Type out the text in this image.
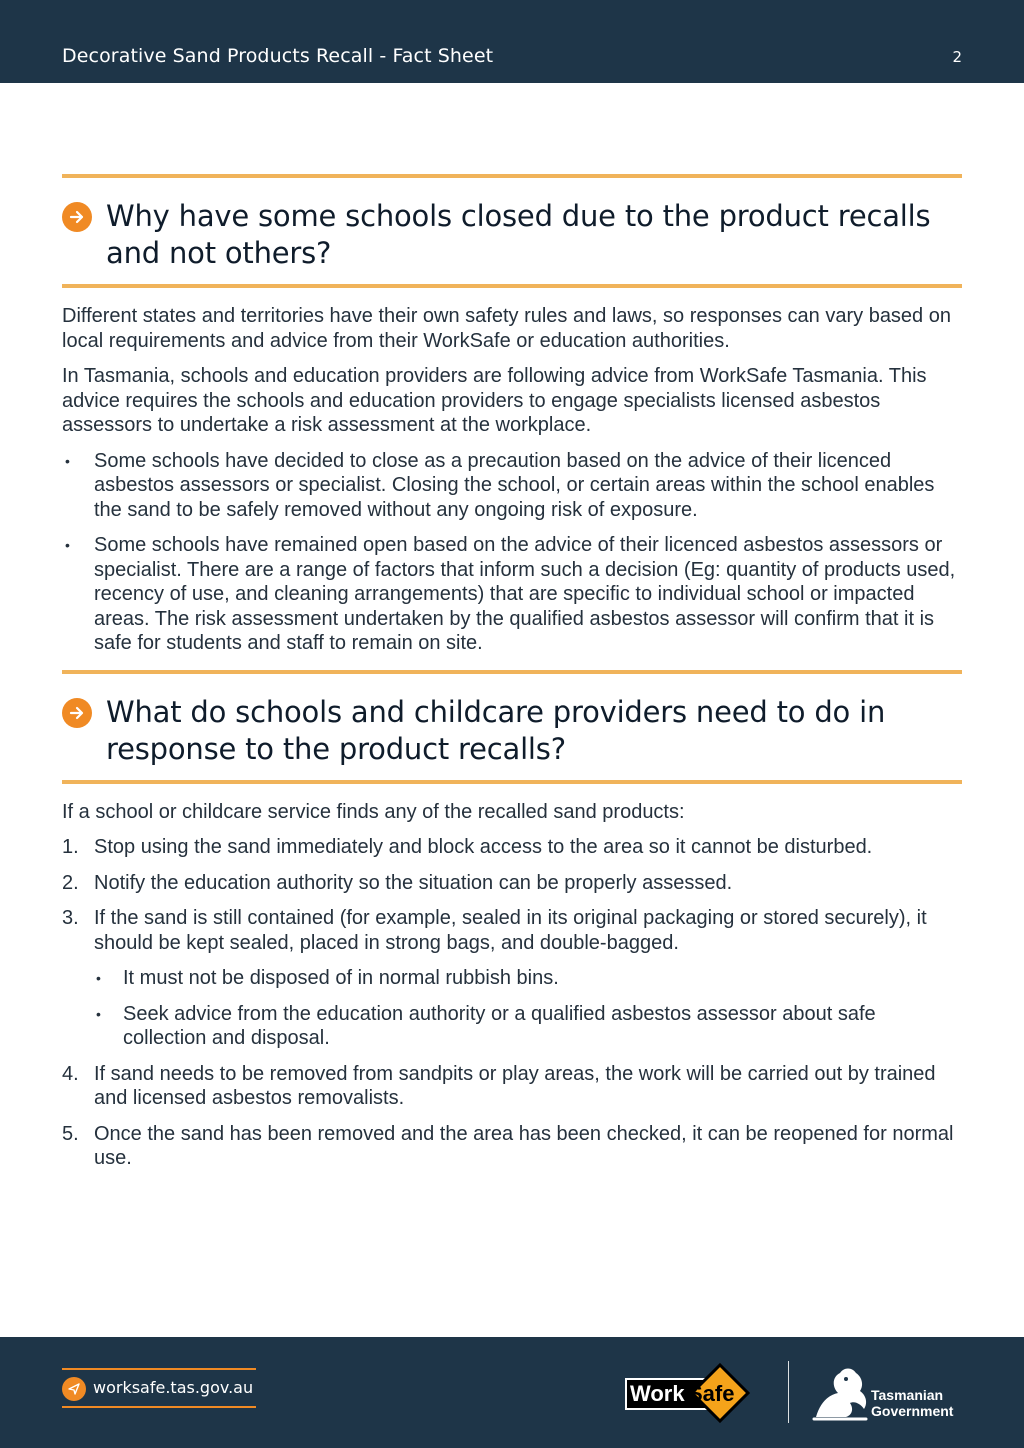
Decorative Sand Products Recall - Fact Sheet	2
Why have some schools closed due to the product recalls and not others?

Different states and territories have their own safety rules and laws, so responses can vary based on local requirements and advice from their WorkSafe or education authorities.

In Tasmania, schools and education providers are following advice from WorkSafe Tasmania. This advice requires the schools and education providers to engage specialists licensed asbestos assessors to undertake a risk assessment at the workplace.

• Some schools have decided to close as a precaution based on the advice of their licenced asbestos assessors or specialist. Closing the school, or certain areas within the school enables the sand to be safely removed without any ongoing risk of exposure.
• Some schools have remained open based on the advice of their licenced asbestos assessors or specialist. There are a range of factors that inform such a decision (Eg: quantity of products used, recency of use, and cleaning arrangements) that are specific to individual school or impacted areas. The risk assessment undertaken by the qualified asbestos assessor will confirm that it is safe for students and staff to remain on site.
What do schools and childcare providers need to do in response to the product recalls?

If a school or childcare service finds any of the recalled sand products:

1. Stop using the sand immediately and block access to the area so it cannot be disturbed.
2. Notify the education authority so the situation can be properly assessed.
3. If the sand is still contained (for example, sealed in its original packaging or stored securely), it should be kept sealed, placed in strong bags, and double-bagged.
• It must not be disposed of in normal rubbish bins.
• Seek advice from the education authority or a qualified asbestos assessor about safe collection and disposal.
4. If sand needs to be removed from sandpits or play areas, the work will be carried out by trained and licensed asbestos removalists.
5. Once the sand has been removed and the area has been checked, it can be reopened for normal use.
worksafe.tas.gov.au	Work Safe	Tasmanian
Government
